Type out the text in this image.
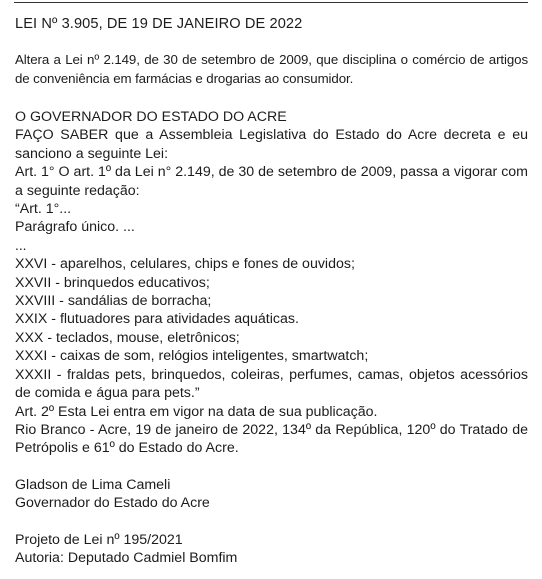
LEI Nº 3.905, DE 19 DE JANEIRO DE 2022

Altera a Lei nº 2.149, de 30 de setembro de 2009, que disciplina o comércio de artigos de conveniência em farmácias e drogarias ao consumidor.

O GOVERNADOR DO ESTADO DO ACRE

FAÇO SABER que a Assembleia Legislativa do Estado do Acre decreta e eu sanciono a seguinte Lei:

Art. 1° O art. 1º da Lei n° 2.149, de 30 de setembro de 2009, passa a vigorar com a seguinte redação:

“Art. 1°...

Parágrafo único. ...

...

XXVI - aparelhos, celulares, chips e fones de ouvidos;

XXVII - brinquedos educativos;

XXVIII - sandálias de borracha;

XXIX - flutuadores para atividades aquáticas.

XXX - teclados, mouse, eletrônicos;

XXXI - caixas de som, relógios inteligentes, smartwatch;

XXXII - fraldas pets, brinquedos, coleiras, perfumes, camas, objetos acessórios de comida e água para pets.”

Art. 2º Esta Lei entra em vigor na data de sua publicação.

Rio Branco - Acre, 19 de janeiro de 2022, 134º da República, 120º do Tratado de Petrópolis e 61º do Estado do Acre.

Gladson de Lima Cameli

Governador do Estado do Acre

Projeto de Lei nº 195/2021

Autoria: Deputado Cadmiel Bomfim
